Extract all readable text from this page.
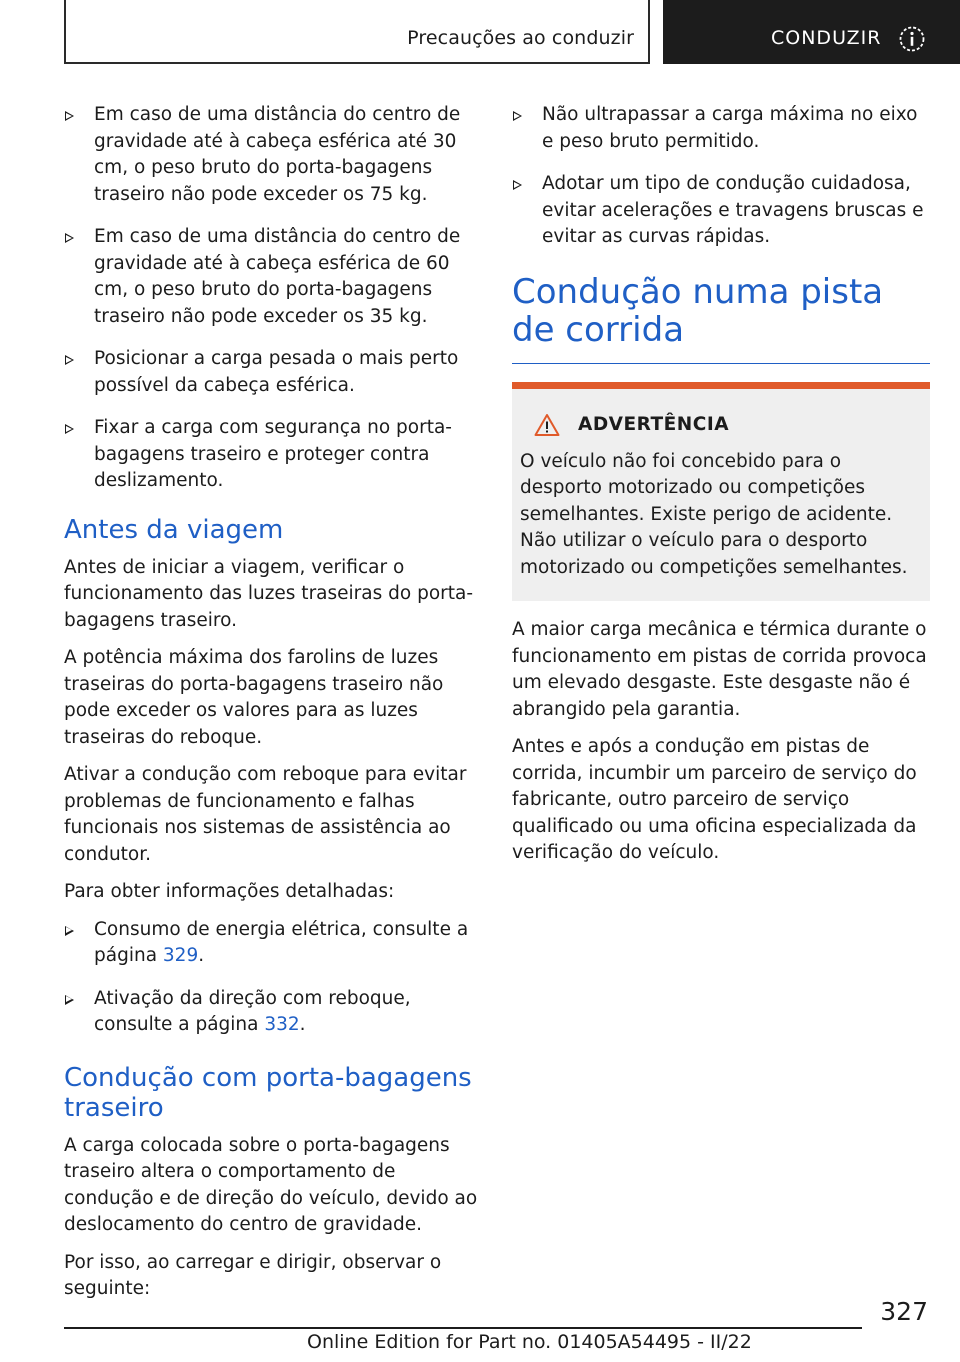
Precauções ao conduzir	CONDUZIR
Em caso de uma distância do centro de gravidade até à cabeça esférica até 30 cm, o peso bruto do porta-bagagens traseiro não pode exceder os 75 kg.
Em caso de uma distância do centro de gravidade até à cabeça esférica de 60 cm, o peso bruto do porta-bagagens traseiro não pode exceder os 35 kg.
Posicionar a carga pesada o mais perto possível da cabeça esférica.
Fixar a carga com segurança no porta-bagagens traseiro e proteger contra deslizamento.
Antes da viagem

Antes de iniciar a viagem, verificar o funcionamento das luzes traseiras do porta-bagagens traseiro.

A potência máxima dos farolins de luzes traseiras do porta-bagagens traseiro não pode exceder os valores para as luzes traseiras do reboque.

Ativar a condução com reboque para evitar problemas de funcionamento e falhas funcionais nos sistemas de assistência ao condutor.

Para obter informações detalhadas:

Consumo de energia elétrica, consulte a página 329.
Ativação da direção com reboque, consulte a página 332.
Condução com porta-bagagens traseiro

A carga colocada sobre o porta-bagagens traseiro altera o comportamento de condução e de direção do veículo, devido ao deslocamento do centro de gravidade.

Por isso, ao carregar e dirigir, observar o seguinte:

Não ultrapassar a carga máxima no eixo e peso bruto permitido.
Adotar um tipo de condução cuidadosa, evitar acelerações e travagens bruscas e evitar as curvas rápidas.
Condução numa pista de corrida
ADVERTÊNCIA

O veículo não foi concebido para o desporto motorizado ou competições semelhantes. Existe perigo de acidente. Não utilizar o veículo para o desporto motorizado ou competições semelhantes.

A maior carga mecânica e térmica durante o funcionamento em pistas de corrida provoca um elevado desgaste. Este desgaste não é abrangido pela garantia.

Antes e após a condução em pistas de corrida, incumbir um parceiro de serviço do fabricante, outro parceiro de serviço qualificado ou uma oficina especializada da verificação do veículo.

327
Online Edition for Part no. 01405A54495 - II/22
